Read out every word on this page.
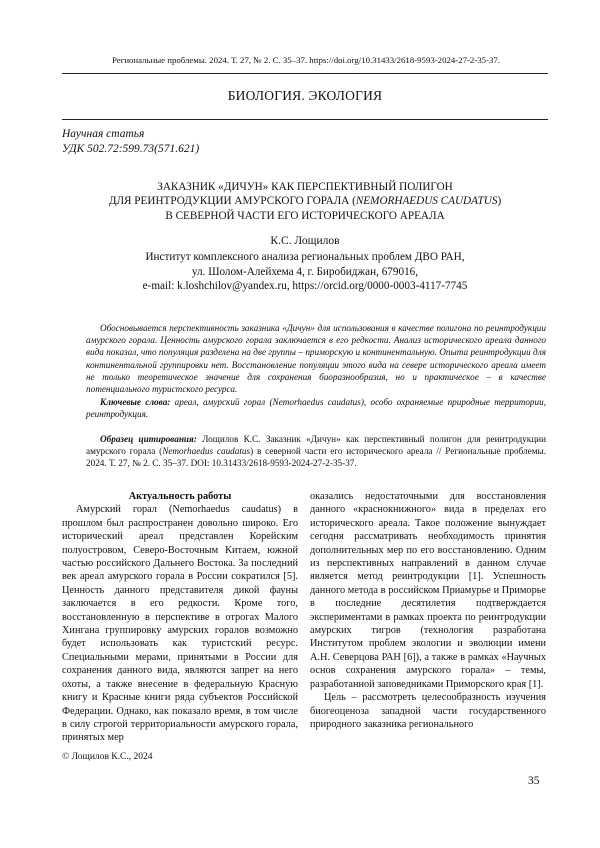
Региональные проблемы. 2024. Т. 27, № 2. С. 35–37. https://doi.org/10.31433/2618-9593-2024-27-2-35-37.
БИОЛОГИЯ. ЭКОЛОГИЯ
Научная статья
УДК 502.72:599.73(571.621)
ЗАКАЗНИК «ДИЧУН» КАК ПЕРСПЕКТИВНЫЙ ПОЛИГОН
ДЛЯ РЕИНТРОДУКЦИИ АМУРСКОГО ГОРАЛА (NEMORHAEDUS CAUDATUS)
В СЕВЕРНОЙ ЧАСТИ ЕГО ИСТОРИЧЕСКОГО АРЕАЛА
К.С. Лощилов
Институт комплексного анализа региональных проблем ДВО РАН,
ул. Шолом-Алейхема 4, г. Биробиджан, 679016,
e-mail: k.loshchilov@yandex.ru, https://orcid.org/0000-0003-4117-7745
Обосновывается перспективность заказника «Дичун» для использования в качестве полигона по реинтродукции амурского горала. Ценность амурского горала заключается в его редкости. Анализ исторического ареала данного вида показал, что популяция разделена на две группы – приморскую и континентальную. Опыта реинтродукции для континентальной группировки нет. Восстановление популяции этого вида на севере исторического ареала имеет не только теоретическое значение для сохранения биоразнообразия, но и практическое – в качестве потенциального туристского ресурса.
Ключевые слова: ареал, амурский горал (Nemorhaedus caudatus), особо охраняемые природные территории, реинтродукция.
Образец цитирования: Лощилов К.С. Заказник «Дичун» как перспективный полигон для реинтродукции амурского горала (Nemorhaedus caudatus) в северной части его исторического ареала // Региональные проблемы. 2024. Т. 27, № 2. С. 35–37. DOI: 10.31433/2618-9593-2024-27-2-35-37.

Актуальность работы

Амурский горал (Nemorhaedus caudatus) в прошлом был распространен довольно широко. Его исторический ареал представлен Корейским полуостровом, Северо-Восточным Китаем, южной частью российского Дальнего Востока. За последний век ареал амурского горала в России сократился [5]. Ценность данного представителя дикой фауны заключается в его редкости. Кроме того, восстановленную в перспективе в отрогах Малого Хингана группировку амурских горалов возможно будет использовать как туристский ресурс. Специальными мерами, принятыми в России для сохранения данного вида, являются запрет на него охоты, а также внесение в федеральную Красную книгу и Красные книги ряда субъектов Российской Федерации. Однако, как показало время, в том числе в силу строгой территориальности амурского горала, принятых мер

оказались недостаточными для восстановления данного «краснокнижного» вида в пределах его исторического ареала. Такое положение вынуждает сегодня рассматривать необходимость принятия дополнительных мер по его восстановлению. Одним из перспективных направлений в данном случае является метод реинтродукции [1]. Успешность данного метода в российском Приамурье и Приморье в последние десятилетия подтверждается экспериментами в рамках проекта по реинтродукции амурских тигров (технология разработана Институтом проблем экологии и эволюции имени А.Н. Северцова РАН [6]), а также в рамках «Научных основ сохранения амурского горала» – темы, разработанной заповедниками Приморского края [1].

Цель – рассмотреть целесообразность изучения биогеоценоза западной части государственного природного заказника регионального

© Лощилов К.С., 2024
35
